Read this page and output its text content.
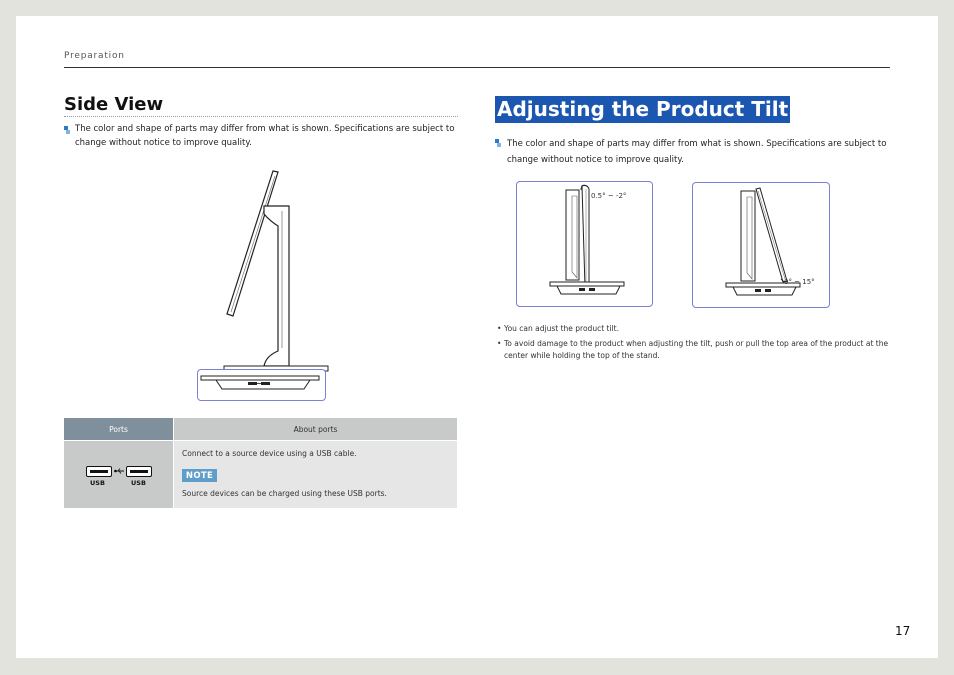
Preparation
Side View
The color and shape of parts may differ from what is shown. Specifications are subject to
change without notice to improve quality.
Ports	About ports
USB	USB
Connect to a source device using a USB cable.
NOTE
Source devices can be charged using these USB ports.
Adjusting the Product Tilt
The color and shape of parts may differ from what is shown. Specifications are subject to
change without notice to improve quality.
0.5° ~ -2°
0° ~ 15°
• You can adjust the product tilt.
• To avoid damage to the product when adjusting the tilt, push or pull the top area of the product at the
center while holding the top of the stand.
17
